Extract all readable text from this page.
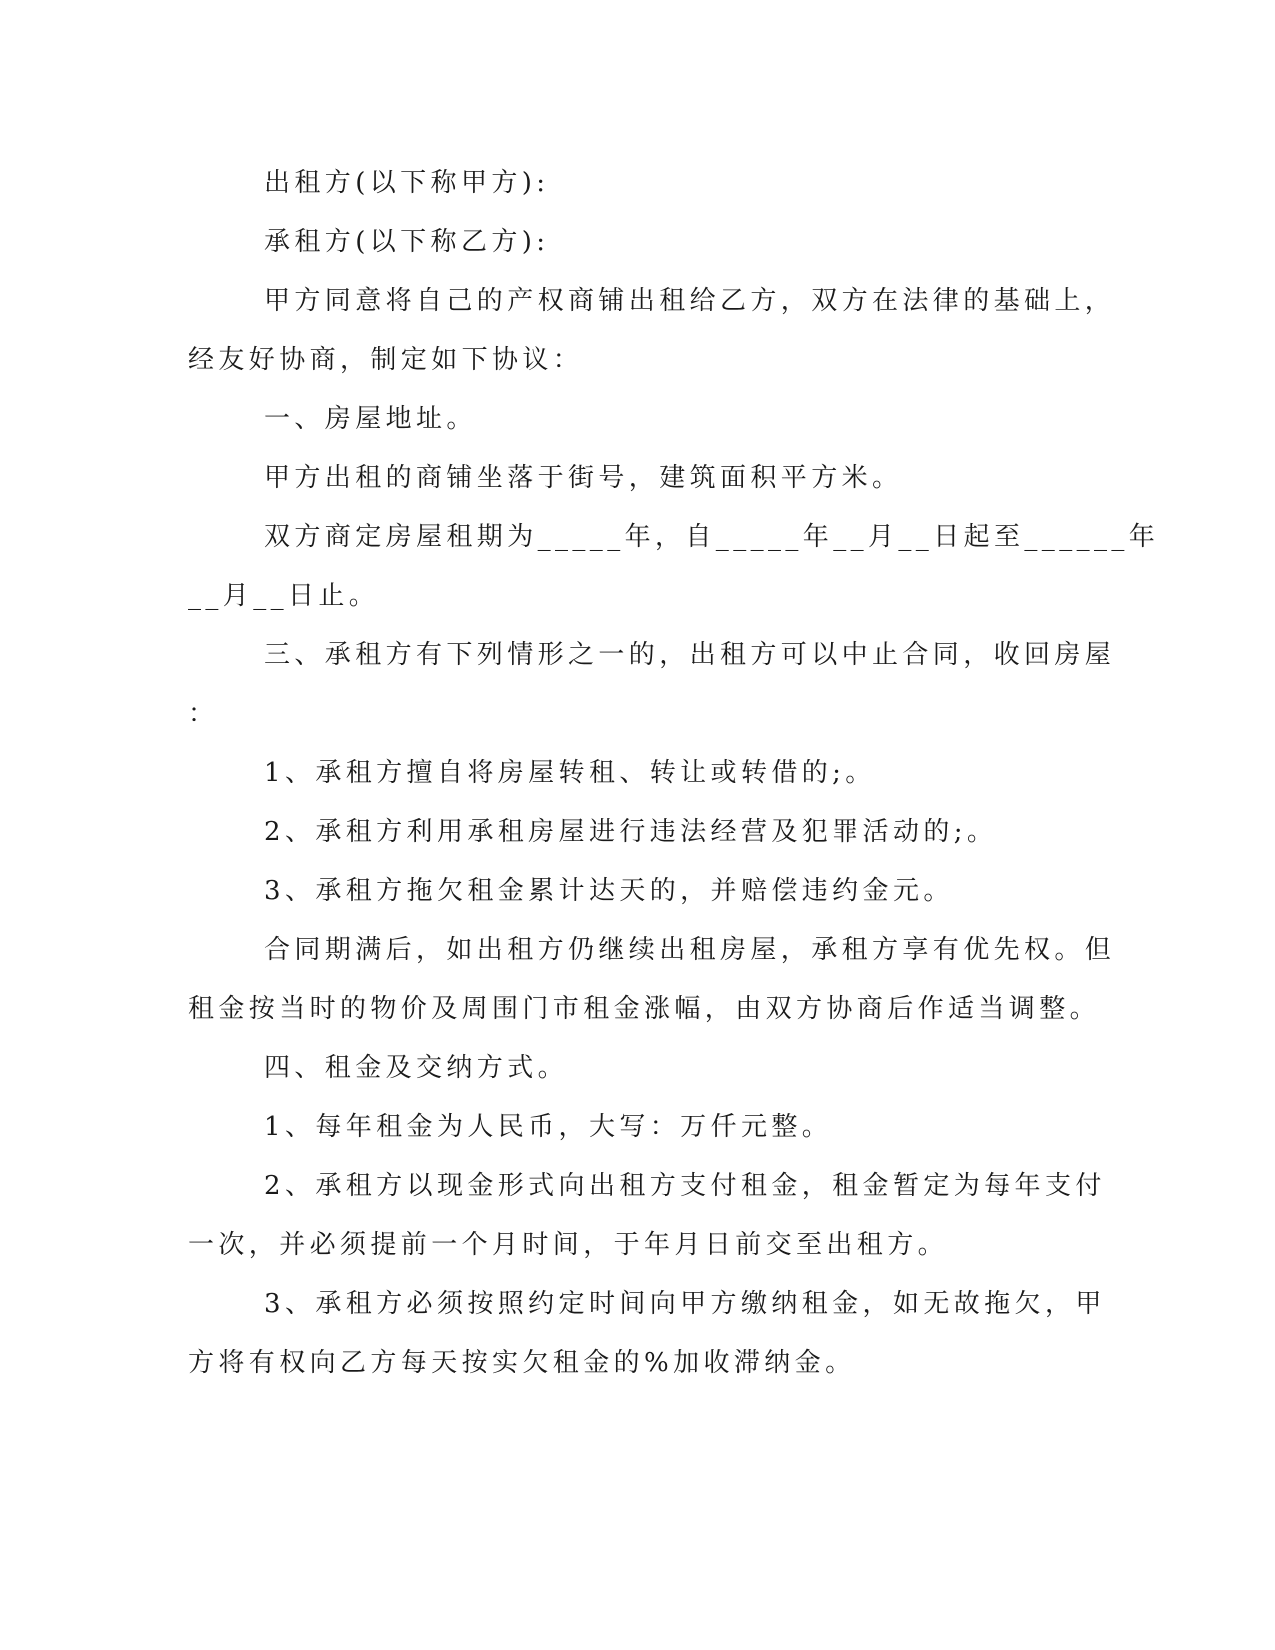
出租方(以下称甲方):
承租方(以下称乙方):
甲方同意将自己的产权商铺出租给乙方，双方在法律的基础上，
经友好协商，制定如下协议：
一、房屋地址。
甲方出租的商铺坐落于街号，建筑面积平方米。
双方商定房屋租期为_____年，自_____年__月__日起至______年
__月__日止。
三、承租方有下列情形之一的，出租方可以中止合同，收回房屋
：
1、承租方擅自将房屋转租、转让或转借的;。
2、承租方利用承租房屋进行违法经营及犯罪活动的;。
3、承租方拖欠租金累计达天的，并赔偿违约金元。
合同期满后，如出租方仍继续出租房屋，承租方享有优先权。但
租金按当时的物价及周围门市租金涨幅，由双方协商后作适当调整。
四、租金及交纳方式。
1、每年租金为人民币，大写：万仟元整。
2、承租方以现金形式向出租方支付租金，租金暂定为每年支付
一次，并必须提前一个月时间，于年月日前交至出租方。
3、承租方必须按照约定时间向甲方缴纳租金，如无故拖欠，甲
方将有权向乙方每天按实欠租金的%加收滞纳金。
